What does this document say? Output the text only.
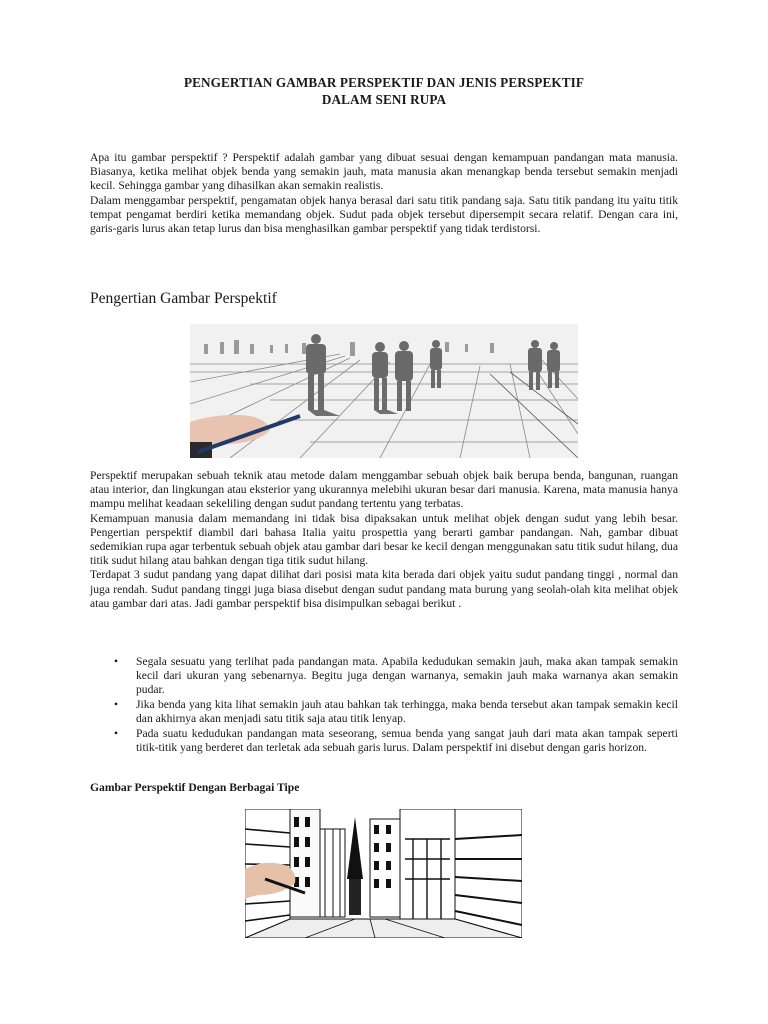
PENGERTIAN GAMBAR PERSPEKTIF DAN JENIS PERSPEKTIF
DALAM SENI RUPA

Apa itu gambar perspektif ? Perspektif adalah gambar yang dibuat sesuai dengan kemampuan pandangan mata manusia. Biasanya, ketika melihat objek benda yang semakin jauh, mata manusia akan menangkap benda tersebut semakin menjadi kecil. Sehingga gambar yang dihasilkan akan semakin realistis.

Dalam menggambar perspektif, pengamatan objek hanya berasal dari satu titik pandang saja. Satu titik pandang itu yaitu titik tempat pengamat berdiri ketika memandang objek. Sudut pada objek tersebut dipersempit secara relatif. Dengan cara ini, garis-garis lurus akan tetap lurus dan bisa menghasilkan gambar perspektif yang tidak terdistorsi.

Pengertian Gambar Perspektif

Perspektif merupakan sebuah teknik atau metode dalam menggambar sebuah objek baik berupa benda, bangunan, ruangan atau interior, dan lingkungan atau eksterior yang ukurannya melebihi ukuran besar dari manusia. Karena, mata manusia hanya mampu melihat keadaan sekeliling dengan sudut pandang tertentu yang terbatas.

Kemampuan manusia dalam memandang ini tidak bisa dipaksakan untuk melihat objek dengan sudut yang lebih besar. Pengertian perspektif diambil dari bahasa Italia yaitu prospettia yang berarti gambar pandangan. Nah, gambar dibuat sedemikian rupa agar terbentuk sebuah objek atau gambar dari besar ke kecil dengan menggunakan satu titik sudut hilang, dua titik sudut hilang atau bahkan dengan tiga titik sudut hilang.

Terdapat 3 sudut pandang yang dapat dilihat dari posisi mata kita berada dari objek yaitu sudut pandang tinggi , normal dan juga rendah. Sudut pandang tinggi juga biasa disebut dengan sudut pandang mata burung yang seolah-olah kita melihat objek atau gambar dari atas. Jadi gambar perspektif bisa disimpulkan sebagai berikut .

• Segala sesuatu yang terlihat pada pandangan mata. Apabila kedudukan semakin jauh, maka akan tampak semakin kecil dari ukuran yang sebenarnya. Begitu juga dengan warnanya, semakin jauh maka warnanya akan semakin pudar.
• Jika benda yang kita lihat semakin jauh atau bahkan tak terhingga, maka benda tersebut akan tampak semakin kecil dan akhirnya akan menjadi satu titik saja atau titik lenyap.
• Pada suatu kedudukan pandangan mata seseorang, semua benda yang sangat jauh dari mata akan tampak seperti titik-titik yang berderet dan terletak ada sebuah garis lurus. Dalam perspektif ini disebut dengan garis horizon.
Gambar Perspektif Dengan Berbagai Tipe
